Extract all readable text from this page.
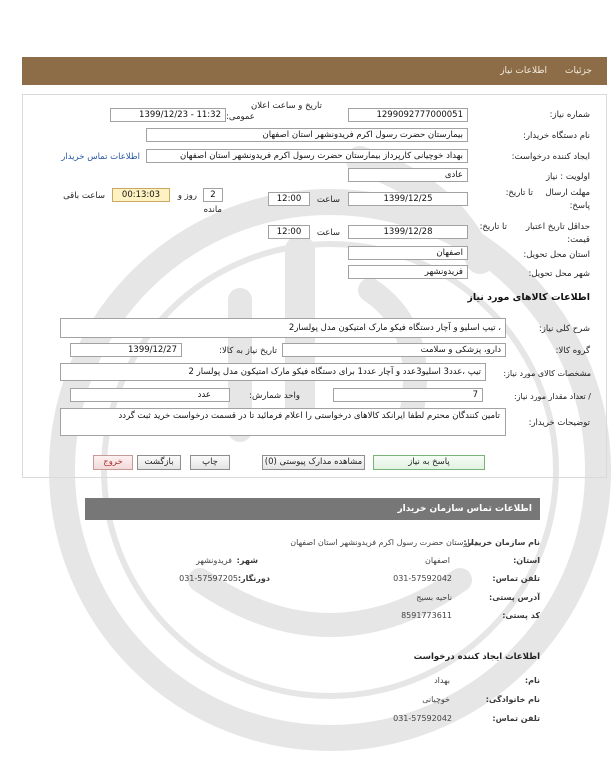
جزئیات
اطلاعات نیاز
شماره نیاز:
1299092777000051
تاریخ و ساعت اعلان
عمومی:
1399/12/23 - 11:32
نام دستگاه خریدار:
بیمارستان حضرت رسول اکرم فریدونشهر استان اصفهان
ایجاد کننده درخواست:
بهداد خوچیانی کارپرداز بیمارستان حضرت رسول اکرم فریدونشهر استان اصفهان
اطلاعات تماس خریدار
اولویت : نیاز
عادی
مهلت ارسال
پاسخ:
تا تاریخ:
1399/12/25
ساعت
12:00
2
روز و
مانده
00:13:03
ساعت باقی
حداقل تاریخ اعتبار
قیمت:
تا تاریخ:
1399/12/28
ساعت
12:00
استان محل تحویل:
اصفهان
شهر محل تحویل:
فریدونشهر
اطلاعات کالاهای مورد نیاز
شرح کلی نیاز:
، تیپ اسلیو و آچار دستگاه فیکو مارک امتیکون مدل پولسار2
گروه کالا:
دارو، پزشکی و سلامت
تاریخ نیاز به کالا:
1399/12/27
مشخصات کالای مورد نیاز:
تیپ ،عدد3 اسلیو3عدد و آچار عدد1 برای دستگاه فیکو مارک امتیکون مدل پولسار 2
/ تعداد مقدار مورد نیاز:
7
واحد شمارش:
عدد
توضیحات خریدار:
تامین کنندگان محترم لطفا ایرانکد کالاهای درخواستی را اعلام فرمائید تا در قسمت درخواست خرید ثبت گردد
پاسخ به نیاز
مشاهده مدارک پیوستی (0)
چاپ
بازگشت
خروج
اطلاعات تماس سازمان خریدار
نام سازمان خریدار:
بیمارستان حضرت رسول اکرم فریدونشهر استان اصفهان
استان:
اصفهان
شهر:
فریدونشهر
تلفن تماس:
031-57592042
دورنگار:
031-57597205
آدرس پستی:
ناحیه بسیج
کد پستی:
8591773611
اطلاعات ایجاد کننده درخواست
نام:
بهداد
نام خانوادگی:
خوچیانی
تلفن تماس:
031-57592042
